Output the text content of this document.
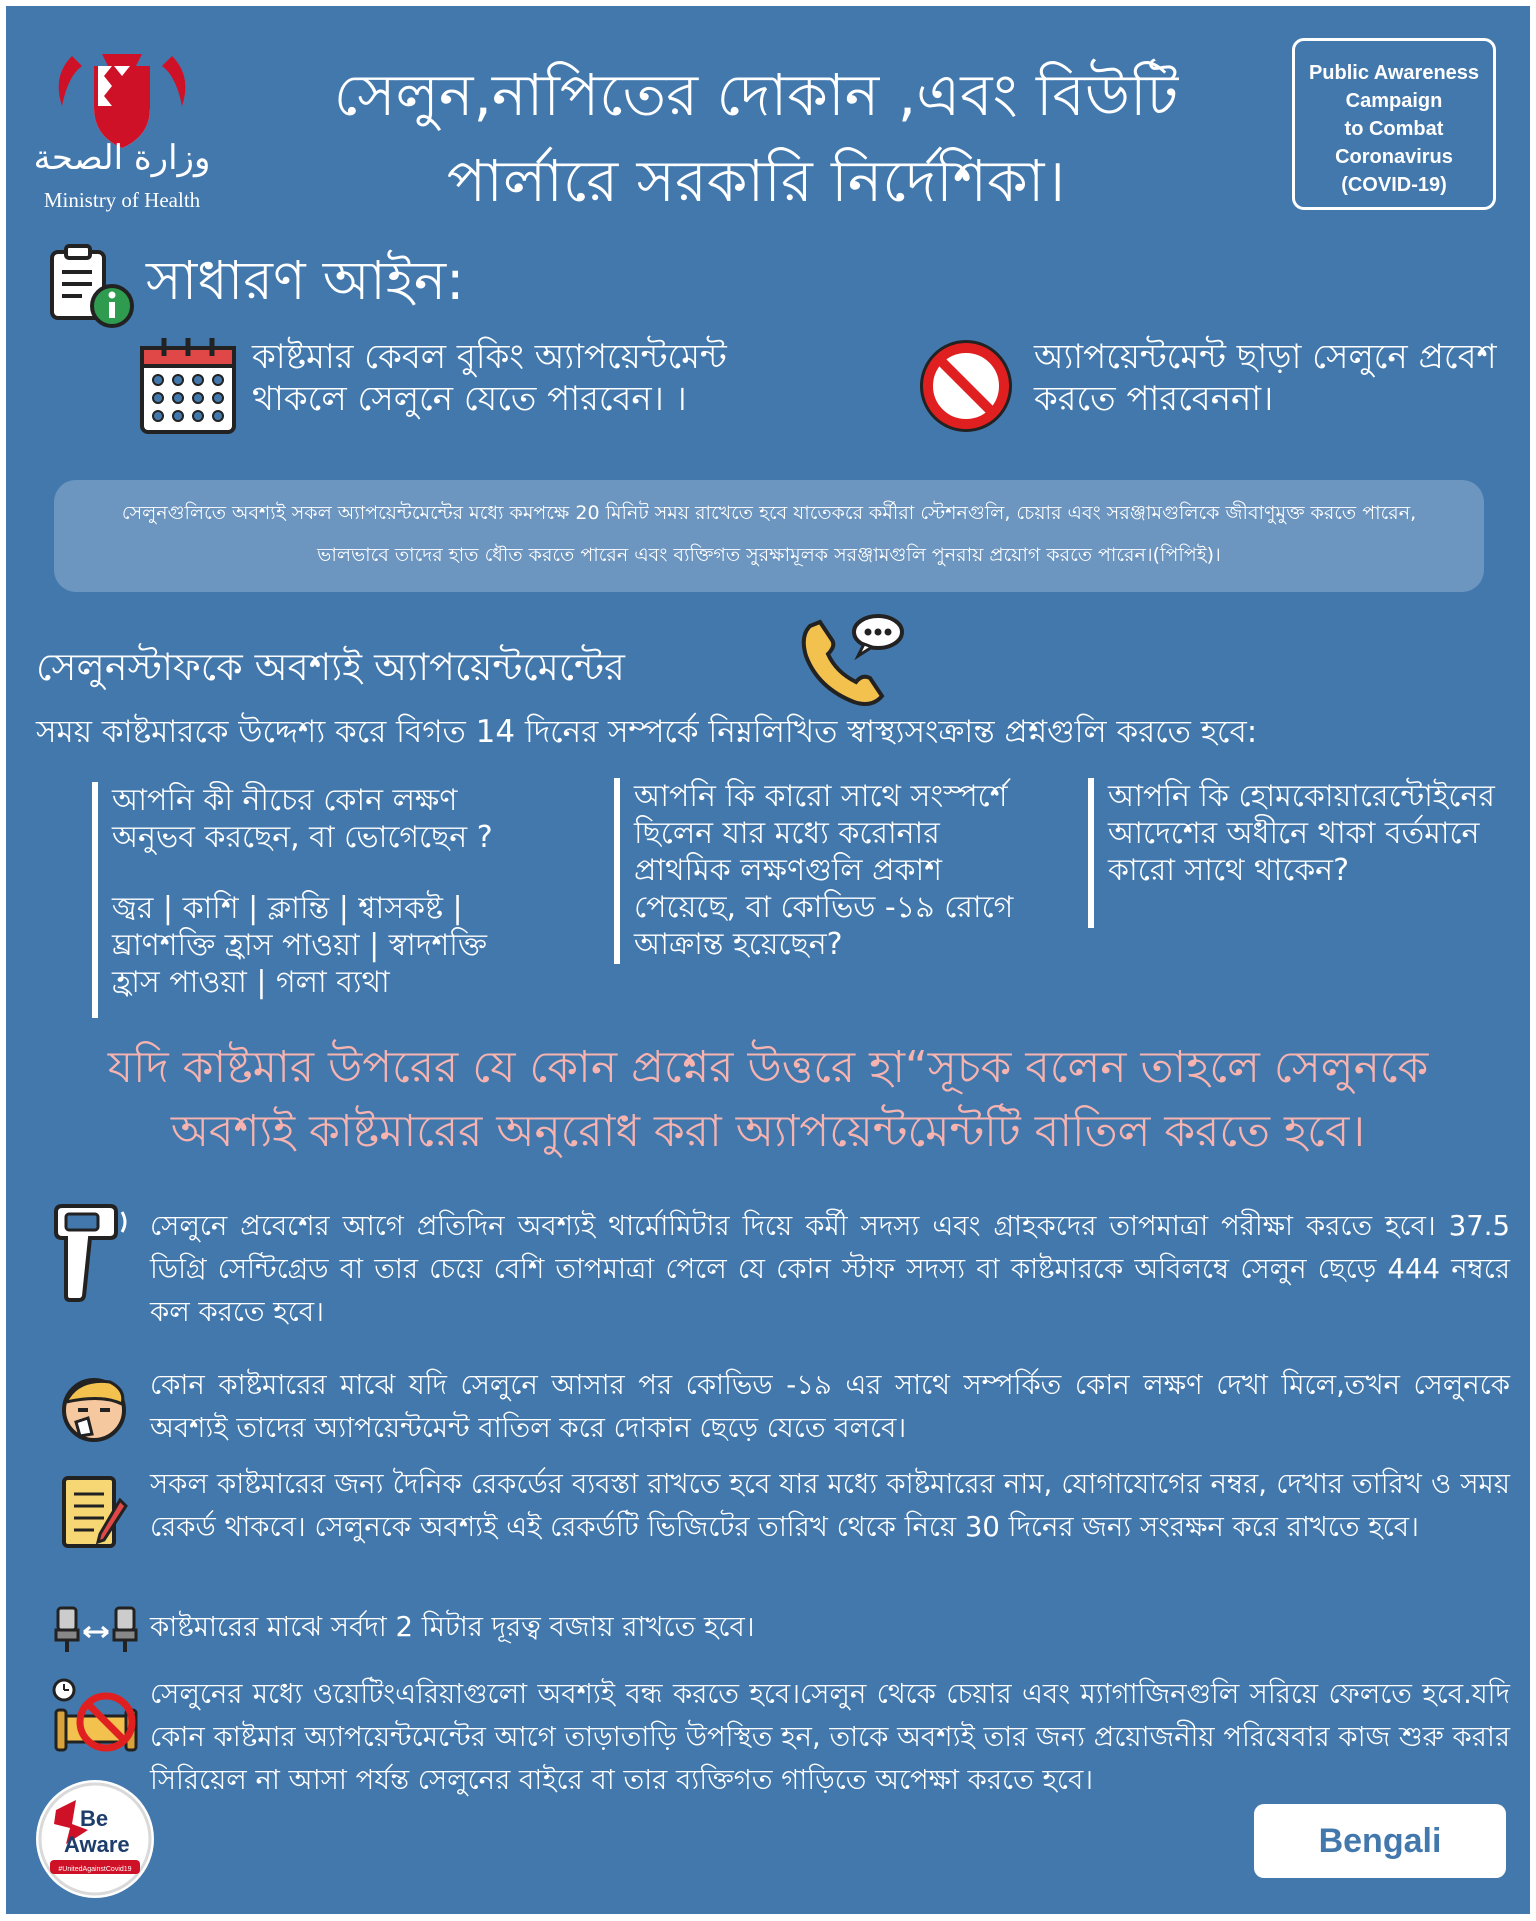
وزارة الصحة
Ministry of Health
সেলুন,নাপিতের দোকান ,এবং বিউটি
পার্লারে সরকারি নির্দেশিকা।
Public Awareness
Campaign
to Combat
Coronavirus
(COVID-19)
সাধারণ আইন:
কাষ্টমার কেবল বুকিং অ্যাপয়েন্টমেন্ট থাকলে সেলুনে যেতে পারবেন। ।
অ্যাপয়েন্টমেন্ট ছাড়া সেলুনে প্রবেশ করতে পারবেননা।
সেলুনগুলিতে অবশ্যই সকল অ্যাপয়েন্টমেন্টের মধ্যে কমপক্ষে 20 মিনিট সময় রাখেতে হবে যাতেকরে কর্মীরা স্টেশনগুলি, চেয়ার এবং সরঞ্জামগুলিকে জীবাণুমুক্ত করতে পারেন, ভালভাবে তাদের হাত ধৌত করতে পারেন এবং ব্যক্তিগত সুরক্ষামূলক সরঞ্জামগুলি পুনরায় প্রয়োগ করতে পারেন।(পিপিই)।
সেলুনস্টাফকে অবশ্যই অ্যাপয়েন্টমেন্টের
সময় কাষ্টমারকে উদ্দেশ্য করে বিগত 14 দিনের সম্পর্কে নিম্নলিখিত স্বাস্থ্যসংক্রান্ত প্রশ্নগুলি করতে হবে:
আপনি কী নীচের কোন লক্ষণ অনুভব করছেন, বা ভোগেছেন ?
জ্বর | কাশি | ক্লান্তি | শ্বাসকষ্ট | ঘ্রাণশক্তি হ্রাস পাওয়া | স্বাদশক্তি হ্রাস পাওয়া | গলা ব্যথা
আপনি কি কারো সাথে সংস্পর্শে ছিলেন যার মধ্যে করোনার প্রাথমিক লক্ষণগুলি প্রকাশ পেয়েছে, বা কোভিড -১৯ রোগে আক্রান্ত হয়েছেন?
আপনি কি হোমকোয়ারেন্টোইনের আদেশের অধীনে থাকা বর্তমানে কারো সাথে থাকেন?
যদি কাষ্টমার উপরের যে কোন প্রশ্নের উত্তরে হা“সূচক বলেন তাহলে সেলুনকে
অবশ্যই কাষ্টমারের অনুরোধ করা অ্যাপয়েন্টমেন্টটি বাতিল করতে হবে।
সেলুনে প্রবেশের আগে প্রতিদিন অবশ্যই থার্মোমিটার দিয়ে কর্মী সদস্য এবং গ্রাহকদের তাপমাত্রা পরীক্ষা করতে হবে। 37.5 ডিগ্রি সেন্টিগ্রেড বা তার চেয়ে বেশি তাপমাত্রা পেলে যে কোন স্টাফ সদস্য বা কাষ্টমারকে অবিলম্বে সেলুন ছেড়ে 444 নম্বরে কল করতে হবে।
কোন কাষ্টমারের মাঝে যদি সেলুনে আসার পর কোভিড -১৯ এর সাথে সম্পর্কিত কোন লক্ষণ দেখা মিলে,তখন সেলুনকে অবশ্যই তাদের অ্যাপয়েন্টমেন্ট বাতিল করে দোকান ছেড়ে যেতে বলবে।
সকল কাষ্টমারের জন্য দৈনিক রেকর্ডের ব্যবস্তা রাখতে হবে যার মধ্যে কাষ্টমারের নাম, যোগাযোগের নম্বর, দেখার তারিখ ও সময় রেকর্ড থাকবে। সেলুনকে অবশ্যই এই রেকর্ডটি ভিজিটের তারিখ থেকে নিয়ে 30 দিনের জন্য সংরক্ষন করে রাখতে হবে।
কাষ্টমারের মাঝে সর্বদা 2 মিটার দূরত্ব বজায় রাখতে হবে।
সেলুনের মধ্যে ওয়েটিংএরিয়াগুলো অবশ্যই বন্ধ করতে হবে।সেলুন থেকে চেয়ার এবং ম্যাগাজিনগুলি সরিয়ে ফেলতে হবে.যদি কোন কাষ্টমার অ্যাপয়েন্টমেন্টের আগে তাড়াতাড়ি উপস্থিত হন, তাকে অবশ্যই তার জন্য প্রয়োজনীয় পরিষেবার কাজ শুরু করার সিরিয়েল না আসা পর্যন্ত সেলুনের বাইরে বা তার ব্যক্তিগত গাড়িতে অপেক্ষা করতে হবে।
Be
Aware
#UnitedAgainstCovid19
Bengali
